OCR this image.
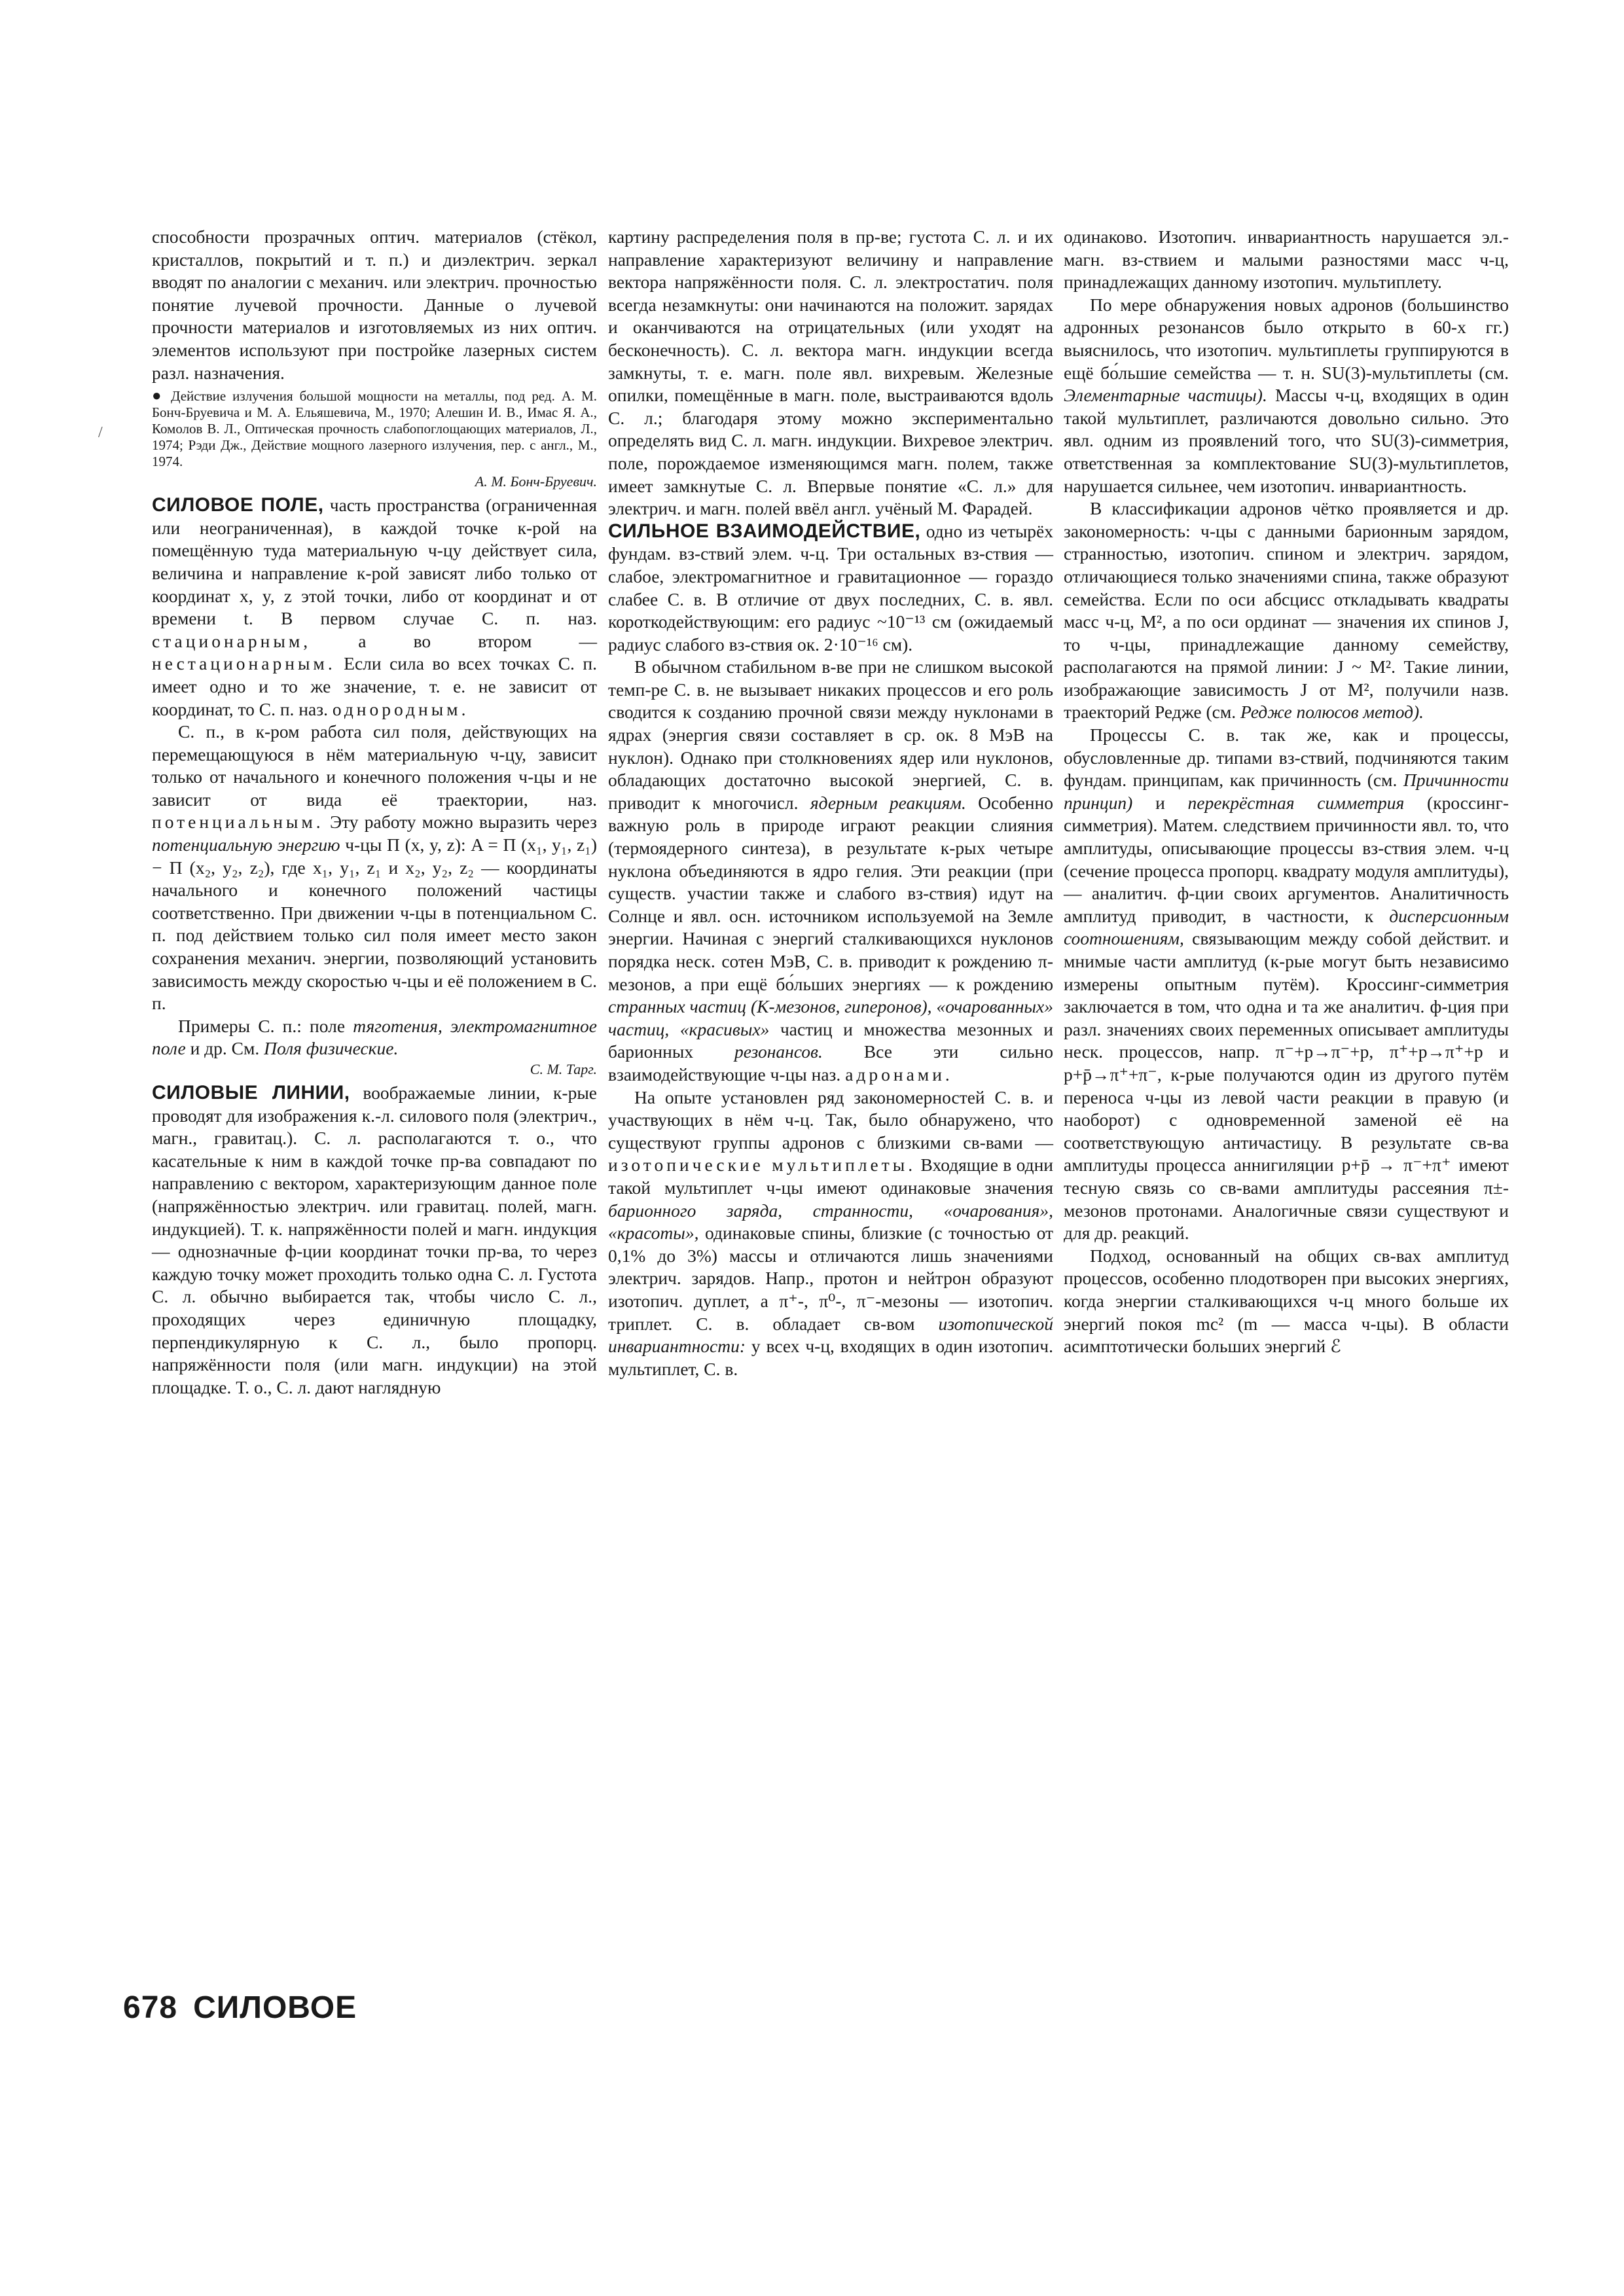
/

способности прозрачных оптич. материалов (стёкол, кристаллов, покрытий и т. п.) и диэлектрич. зеркал вводят по аналогии с механич. или электрич. прочностью понятие лучевой прочности. Данные о лучевой прочности материалов и изготовляемых из них оптич. элементов используют при постройке лазерных систем разл. назначения.

● Действие излучения большой мощности на металлы, под ред. А. М. Бонч-Бруевича и М. А. Ельяшевича, М., 1970; Алешин И. В., Имас Я. А., Комолов В. Л., Оптическая прочность слабопоглощающих материалов, Л., 1974; Рэди Дж., Действие мощного лазерного излучения, пер. с англ., М., 1974.

А. М. Бонч-Бруевич.

СИЛОВОЕ ПОЛЕ, часть пространства (ограниченная или неограниченная), в каждой точке к-рой на помещённую туда материальную ч-цу действует сила, величина и направление к-рой зависят либо только от координат x, y, z этой точки, либо от координат и от времени t. В первом случае С. п. наз. стационарным,	а во втором — нестационарным. Если сила во всех точках С. п. имеет одно и то же значение, т. е. не зависит от координат, то С. п. наз. однородным.

С. п., в к-ром работа сил поля, действующих на перемещающуюся в нём материальную ч-цу, зависит только от начального и конечного положения ч-цы и не зависит от вида её траектории, наз. потенциальным. Эту работу можно выразить через потенциальную энергию ч-цы П (x, y, z): A = П (x₁, y₁, z₁) − П (x₂, y₂, z₂), где x₁, y₁, z₁ и x₂, y₂, z₂ — координаты начального и конечного положений частицы соответственно. При движении ч-цы в потенциальном С. п. под действием только сил поля имеет место закон сохранения механич. энергии, позволяющий установить зависимость между скоростью ч-цы и её положением в С. п.

Примеры С. п.: поле тяготения, электромагнитное поле и др. См. Поля физические.

С. М. Тарг.

СИЛОВЫЕ ЛИНИИ, воображаемые линии, к-рые проводят для изображения к.-л. силового поля (электрич., магн., гравитац.). С. л. располагаются т. о., что касательные к ним в каждой точке пр-ва совпадают по направлению с вектором, характеризующим данное поле (напряжённостью электрич. или гравитац. полей, магн. индукцией). Т. к. напряжённости полей и магн. индукция — однозначные ф-ции координат точки пр-ва, то через каждую точку может проходить только одна С. л. Густота С. л. обычно выбирается так, чтобы число С. л., проходящих через единичную площадку, перпендикулярную к С. л., было пропорц. напряжённости поля (или магн. индукции) на этой площадке. Т. о., С. л. дают наглядную

картину распределения поля в пр-ве; густота С. л. и их направление характеризуют величину и направление вектора напряжённости поля. С. л. электростатич. поля всегда незамкнуты: они начинаются на положит. зарядах и оканчиваются на отрицательных (или уходят на бесконечность). С. л. вектора магн. индукции всегда замкнуты, т. е. магн. поле явл. вихревым. Железные опилки, помещённые в магн. поле, выстраиваются вдоль С. л.; благодаря этому можно экспериментально определять вид С. л. магн. индукции. Вихревое электрич. поле, порождаемое изменяющимся магн. полем, также имеет замкнутые С. л. Впервые понятие «С. л.» для электрич. и магн. полей ввёл англ. учёный М. Фарадей.

СИЛЬНОЕ ВЗАИМОДЕЙСТВИЕ, одно из четырёх фундам. вз-ствий элем. ч-ц. Три остальных вз-ствия — слабое, электромагнитное и гравитационное — гораздо слабее С. в. В отличие от двух последних, С. в. явл. короткодействующим: его радиус ~10⁻¹³ см (ожидаемый радиус слабого вз-ствия ок. 2·10⁻¹⁶ см).

В обычном стабильном в-ве при не слишком высокой темп-ре С. в. не вызывает никаких процессов и его роль сводится к созданию прочной связи между нуклонами в ядрах (энергия связи составляет в ср. ок. 8 МэВ на нуклон). Однако при столкновениях ядер или нуклонов, обладающих достаточно высокой энергией, С. в. приводит к многочисл. ядерным реакциям. Особенно важную роль в природе играют реакции слияния (термоядерного синтеза), в результате к-рых четыре нуклона объединяются в ядро гелия. Эти реакции (при существ. участии также и слабого вз-ствия) идут на Солнце и явл. осн. источником используемой на Земле энергии. Начиная с энергий сталкивающихся нуклонов порядка неск. сотен МэВ, С. в. приводит к рождению π-мезонов, а при ещё бо́льших энергиях — к рождению странных частиц (K-мезонов, гиперонов), «очарованных» частиц, «красивых» частиц и множества мезонных и барионных резонансов. Все эти сильно взаимодействующие ч-цы наз. адронами.

На опыте установлен ряд закономерностей С. в. и участвующих в нём ч-ц. Так, было обнаружено, что существуют группы адронов с близкими св-вами — изотопические мультиплеты. Входящие в одни такой мультиплет ч-цы имеют одинаковые значения барионного заряда, странности, «очарования», «красоты», одинаковые спины, близкие (с точностью от 0,1% до 3%) массы и отличаются лишь значениями электрич. зарядов. Напр., протон и нейтрон образуют изотопич. дуплет, а π⁺-, π⁰-, π⁻-мезоны — изотопич. триплет. С. в. обладает св-вом изотопической инвариантности: у всех ч-ц, входящих в один изотопич. мультиплет, С. в.

одинаково. Изотопич. инвариантность нарушается эл.-магн. вз-ствием и малыми разностями масс ч-ц, принадлежащих данному изотопич. мультиплету.

По мере обнаружения новых адронов (большинство адронных резонансов было открыто в 60-х гг.) выяснилось, что изотопич. мультиплеты группируются в ещё бо́льшие семейства — т. н. SU(3)-мультиплеты (см. Элементарные частицы). Массы ч-ц, входящих в один такой мультиплет, различаются довольно сильно. Это явл. одним из проявлений того, что SU(3)-симметрия, ответственная за комплектование SU(3)-мультиплетов, нарушается сильнее, чем изотопич. инвариантность.

В классификации адронов чётко проявляется и др. закономерность: ч-цы с данными барионным зарядом, странностью, изотопич. спином и электрич. зарядом, отличающиеся только значениями спина, также образуют семейства. Если по оси абсцисс откладывать квадраты масс ч-ц, M², а по оси ординат — значения их спинов J, то ч-цы, принадлежащие данному семейству, располагаются на прямой линии: J ~ M². Такие линии, изображающие зависимость J от M², получили назв. траекторий Редже (см. Редже полюсов метод).

Процессы С. в. так же, как и процессы, обусловленные др. типами вз-ствий, подчиняются таким фундам. принципам, как причинность (см. Причинности принцип) и перекрёстная симметрия (кроссинг-симметрия). Матем. следствием причинности явл. то, что амплитуды, описывающие процессы вз-ствия элем. ч-ц (сечение процесса пропорц. квадрату модуля амплитуды), — аналитич. ф-ции своих аргументов. Аналитичность амплитуд приводит, в частности, к дисперсионным соотношениям, связывающим между собой действит. и мнимые части амплитуд (к-рые могут быть независимо измерены опытным путём). Кроссинг-симметрия заключается в том, что одна и та же аналитич. ф-ция при разл. значениях своих переменных описывает амплитуды неск. процессов, напр. π⁻+p→π⁻+p, π⁺+p→π⁺+p и p+p̄→π⁺+π⁻, к-рые получаются один из другого путём переноса ч-цы из левой части реакции в правую (и наоборот) с одновременной заменой её на соответствующую античастицу. В результате св-ва амплитуды процесса аннигиляции p+p̄ → π⁻+π⁺ имеют тесную связь со св-вами амплитуды рассеяния π±-мезонов протонами. Аналогичные связи существуют и для др. реакций.

Подход, основанный на общих св-вах амплитуд процессов, особенно плодотворен при высоких энергиях, когда энергии сталкивающихся ч-ц много больше их энергий покоя mc² (m — масса ч-цы). В области асимптотически больших энергий ℰ

678 СИЛОВОЕ
